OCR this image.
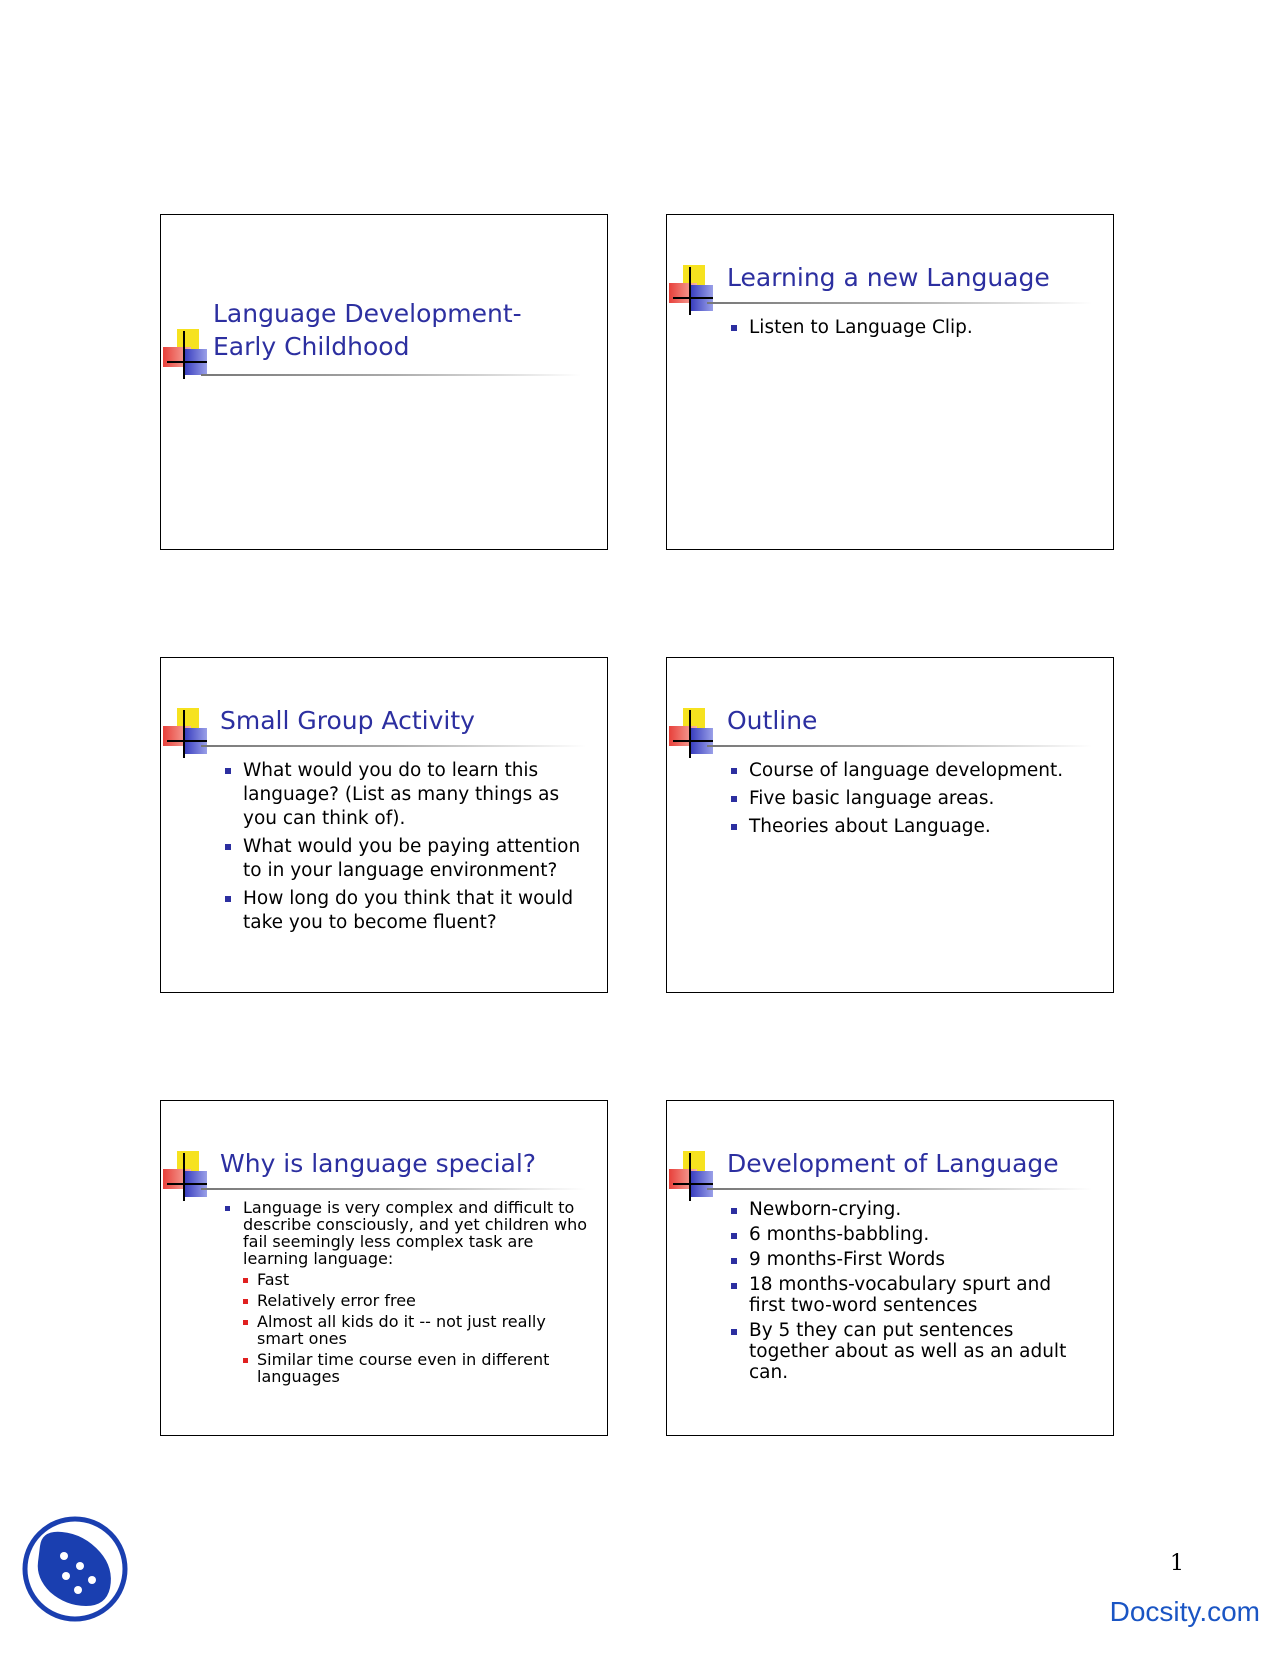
Language Development-Early Childhood
Learning a new Language
Listen to Language Clip.
Small Group Activity
What would you do to learn this language? (List as many things as you can think of).
What would you be paying attention to in your language environment?
How long do you think that it would take you to become fluent?
Outline
Course of language development.
Five basic language areas.
Theories about Language.
Why is language special?
Language is very complex and difficult to describe consciously, and yet children who fail seemingly less complex task are learning language:
Fast
Relatively error free
Almost all kids do it -- not just really smart ones
Similar time course even in different languages
Development of Language
Newborn-crying.
6 months-babbling.
9 months-First Words
18 months-vocabulary spurt and first two-word sentences
By 5 they can put sentences together about as well as an adult can.
1
Docsity.com
